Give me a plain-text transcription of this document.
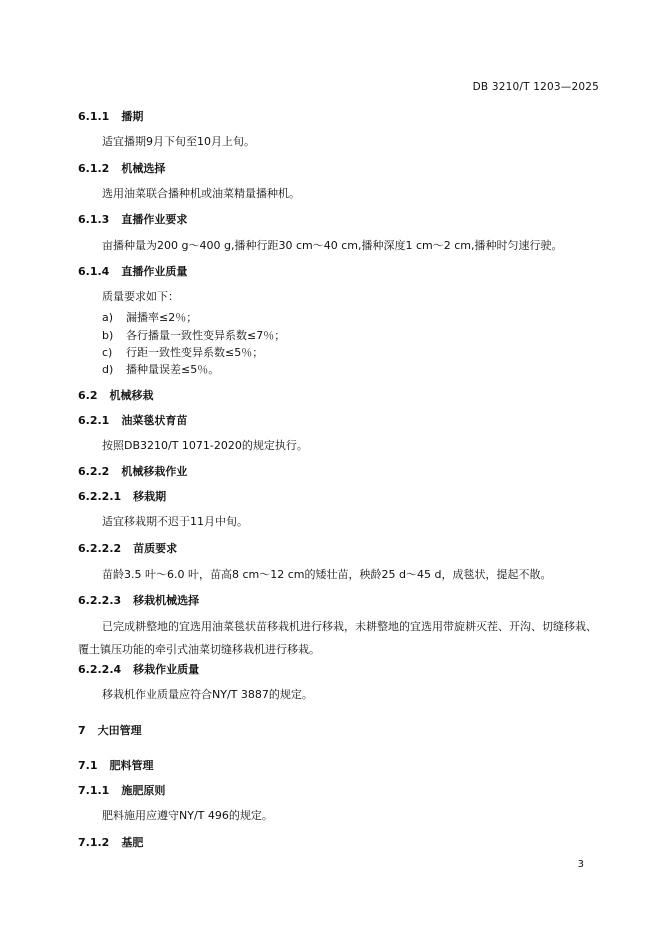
DB 3210/T 1203—2025
6.1.1 播期
适宜播期9月下旬至10月上旬。
6.1.2 机械选择
选用油菜联合播种机或油菜精量播种机。
6.1.3 直播作业要求
亩播种量为200 g～400 g,播种行距30 cm～40 cm,播种深度1 cm～2 cm,播种时匀速行驶。
6.1.4 直播作业质量
质量要求如下：
a) 漏播率≤2％；
b) 各行播量一致性变异系数≤7％；
c) 行距一致性变异系数≤5％；
d) 播种量误差≤5％。
6.2 机械移栽
6.2.1 油菜毯状育苗
按照DB3210/T 1071-2020的规定执行。
6.2.2 机械移栽作业
6.2.2.1 移栽期
适宜移栽期不迟于11月中旬。
6.2.2.2 苗质要求
苗龄3.5 叶～6.0 叶，苗高8 cm～12 cm的矮壮苗，秧龄25 d～45 d，成毯状，提起不散。
6.2.2.3 移栽机械选择
已完成耕整地的宜选用油菜毯状苗移栽机进行移栽，未耕整地的宜选用带旋耕灭茬、开沟、切缝移栽、覆土镇压功能的牵引式油菜切缝移栽机进行移栽。
6.2.2.4 移栽作业质量
移栽机作业质量应符合NY/T 3887的规定。
7 大田管理
7.1 肥料管理
7.1.1 施肥原则
肥料施用应遵守NY/T 496的规定。
7.1.2 基肥
3
